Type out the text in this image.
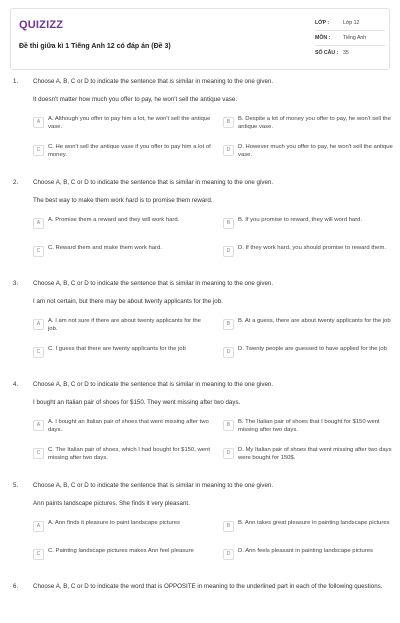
QUIZIZZ
Đề thi giữa kì 1 Tiếng Anh 12 có đáp án (Đề 3)
LỚP :	Lớp 12
MÔN :	Tiếng Anh
SỐ CÂU : 35
1. Choose A, B, C or D to indicate the sentence that is similar in meaning to the one given.
It doesn't matter how much you offer to pay, he won't sell the antique vase.
A
A. Although you offer to pay him a lot, he won't sell the antique vase.
B
B. Despite a lot of money you offer to pay, he won't sell the antique vase.
C
C. He won't sell the antique vase if you offer to pay him a lot of money.
D
D. However much you offer to pay, he won't sell the antique vase.
2. Choose A, B, C or D to indicate the sentence that is similar in meaning to the one given.
The best way to make them work hard is to promise them reward.
A
A. Promise them a reward and they will work hard.
B
B. If you promise to reward, they will word hard.
C
C. Reward them and make them work hard.
D
D. If they work hard, you should promise to reward them.
3. Choose A, B, C or D to indicate the sentence that is similar in meaning to the one given.
I am not certain, but there may be about twenty applicants for the job.
A
A. I am not sure if there are about twenty applicants for the job.
B
B. At a guess, there are about twenty applicants for the job
C
C. I guess that there are twenty applicants for the job
D
D. Twenty people are guessed to have applied for the job
4. Choose A, B, C or D to indicate the sentence that is similar in meaning to the one given.
I bought an Italian pair of shoes for $150. They went missing after two days.
A
A. I bought an Italian pair of shoes that went missing after two days.
B
B. The Italian pair of shoes that I bought for $150 went missing after two days.
C
C. The Italian pair of shoes, which I had bought for $150, went missing after two days.
D
D. My Italian pair of shoes that went missing after two days were bought for 150$.
5. Choose A, B, C or D to indicate the sentence that is similar in meaning to the one given.
Ann paints landscape pictures. She finds it very pleasant.
A
A. Ann finds it pleasure to paint landscape pictures
B
B. Ann takes great pleasure in painting landscape pictures
C
C. Painting landscape pictures makes Ann feel pleasure
D
D. Ann feels pleasant in painting landscape pictures
6. Choose A, B, C or D to indicate the word that is OPPOSITE in meaning to the underlined part in each of the following questions.
